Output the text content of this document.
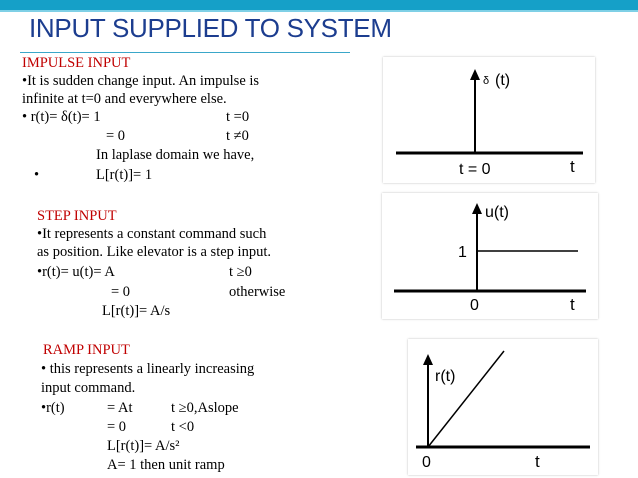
INPUT SUPPLIED TO SYSTEM
IMPULSE INPUT
•It is sudden change input. An impulse is
infinite at t=0 and everywhere else.
• r(t)= δ(t)= 1	t =0
= 0	t ≠0
In laplase domain we have,
•	L[r(t)]= 1
STEP INPUT
•It represents a constant command such
as position. Like elevator is a step input.
•r(t)= u(t)= A	t ≥0
= 0	otherwise
L[r(t)]= A/s
RAMP INPUT
• this represents a linearly increasing
input command.
•r(t)	= At	t ≥0,Aslope
= 0	t <0
L[r(t)]= A/s²
A= 1 then unit ramp
δ (t)
t = 0	t
u(t)
1
0	t
r(t)
0	t
